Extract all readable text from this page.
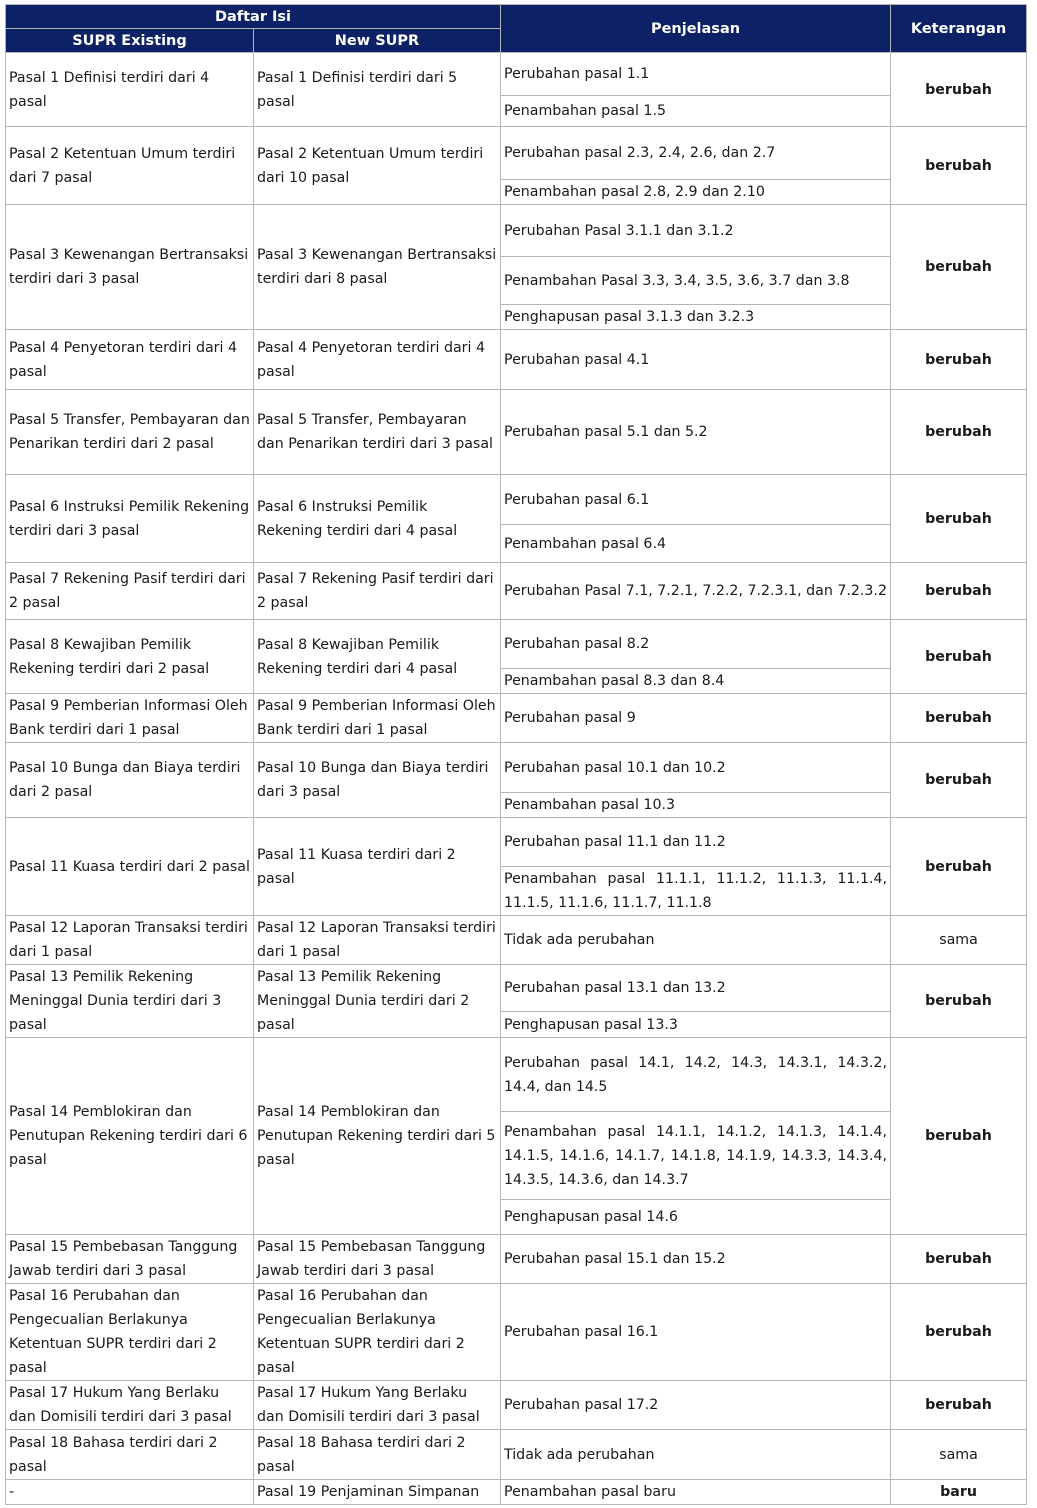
Daftar Isi		Penjelasan	Keterangan
SUPR Existing	New SUPR		
Pasal 1 Definisi terdiri dari 4 pasal	Pasal 1 Definisi terdiri dari 5 pasal	Perubahan pasal 1.1	berubah
		Penambahan pasal 1.5	
Pasal 2 Ketentuan Umum terdiri dari 7 pasal	Pasal 2 Ketentuan Umum terdiri dari 10 pasal	Perubahan pasal 2.3, 2.4, 2.6, dan 2.7	berubah
		Penambahan pasal 2.8, 2.9 dan 2.10	
Pasal 3 Kewenangan Bertransaksi terdiri dari 3 pasal	Pasal 3 Kewenangan Bertransaksi terdiri dari 8 pasal	Perubahan Pasal 3.1.1 dan 3.1.2	berubah
		Penambahan Pasal 3.3, 3.4, 3.5, 3.6, 3.7 dan 3.8	
		Penghapusan pasal 3.1.3 dan 3.2.3	
Pasal 4 Penyetoran terdiri dari 4 pasal	Pasal 4 Penyetoran terdiri dari 4 pasal	Perubahan pasal 4.1	berubah
Pasal 5 Transfer, Pembayaran dan Penarikan terdiri dari 2 pasal	Pasal 5 Transfer, Pembayaran dan Penarikan terdiri dari 3 pasal	Perubahan pasal 5.1 dan 5.2	berubah
Pasal 6 Instruksi Pemilik Rekening terdiri dari 3 pasal	Pasal 6 Instruksi Pemilik Rekening terdiri dari 4 pasal	Perubahan pasal 6.1	berubah
		Penambahan pasal 6.4	
Pasal 7 Rekening Pasif terdiri dari 2 pasal	Pasal 7 Rekening Pasif terdiri dari 2 pasal	Perubahan Pasal 7.1, 7.2.1, 7.2.2, 7.2.3.1, dan 7.2.3.2	berubah
Pasal 8 Kewajiban Pemilik Rekening terdiri dari 2 pasal	Pasal 8 Kewajiban Pemilik Rekening terdiri dari 4 pasal	Perubahan pasal 8.2	berubah
		Penambahan pasal 8.3 dan 8.4	
Pasal 9 Pemberian Informasi Oleh Bank terdiri dari 1 pasal	Pasal 9 Pemberian Informasi Oleh Bank terdiri dari 1 pasal	Perubahan pasal 9	berubah
Pasal 10 Bunga dan Biaya terdiri dari 2 pasal	Pasal 10 Bunga dan Biaya terdiri dari 3 pasal	Perubahan pasal 10.1 dan 10.2	berubah
		Penambahan pasal 10.3	
Pasal 11 Kuasa terdiri dari 2 pasal	Pasal 11 Kuasa terdiri dari 2 pasal	Perubahan pasal 11.1 dan 11.2	berubah
		Penambahan pasal 11.1.1, 11.1.2, 11.1.3, 11.1.4, 11.1.5, 11.1.6, 11.1.7, 11.1.8	
Pasal 12 Laporan Transaksi terdiri dari 1 pasal	Pasal 12 Laporan Transaksi terdiri dari 1 pasal	Tidak ada perubahan	sama
Pasal 13 Pemilik Rekening Meninggal Dunia terdiri dari 3 pasal	Pasal 13 Pemilik Rekening Meninggal Dunia terdiri dari 2 pasal	Perubahan pasal 13.1 dan 13.2	berubah
		Penghapusan pasal 13.3	
Pasal 14 Pemblokiran dan Penutupan Rekening terdiri dari 6 pasal	Pasal 14 Pemblokiran dan Penutupan Rekening terdiri dari 5 pasal	Perubahan pasal 14.1, 14.2, 14.3, 14.3.1, 14.3.2, 14.4, dan 14.5	berubah
		Penambahan pasal 14.1.1, 14.1.2, 14.1.3, 14.1.4, 14.1.5, 14.1.6, 14.1.7, 14.1.8, 14.1.9, 14.3.3, 14.3.4, 14.3.5, 14.3.6, dan 14.3.7	
		Penghapusan pasal 14.6	
Pasal 15 Pembebasan Tanggung Jawab terdiri dari 3 pasal	Pasal 15 Pembebasan Tanggung Jawab terdiri dari 3 pasal	Perubahan pasal 15.1 dan 15.2	berubah
Pasal 16 Perubahan dan Pengecualian Berlakunya Ketentuan SUPR terdiri dari 2 pasal	Pasal 16 Perubahan dan Pengecualian Berlakunya Ketentuan SUPR terdiri dari 2 pasal	Perubahan pasal 16.1	berubah
Pasal 17 Hukum Yang Berlaku dan Domisili terdiri dari 3 pasal	Pasal 17 Hukum Yang Berlaku dan Domisili terdiri dari 3 pasal	Perubahan pasal 17.2	berubah
Pasal 18 Bahasa terdiri dari 2 pasal	Pasal 18 Bahasa terdiri dari 2 pasal	Tidak ada perubahan	sama
-	Pasal 19 Penjaminan Simpanan	Penambahan pasal baru	baru
